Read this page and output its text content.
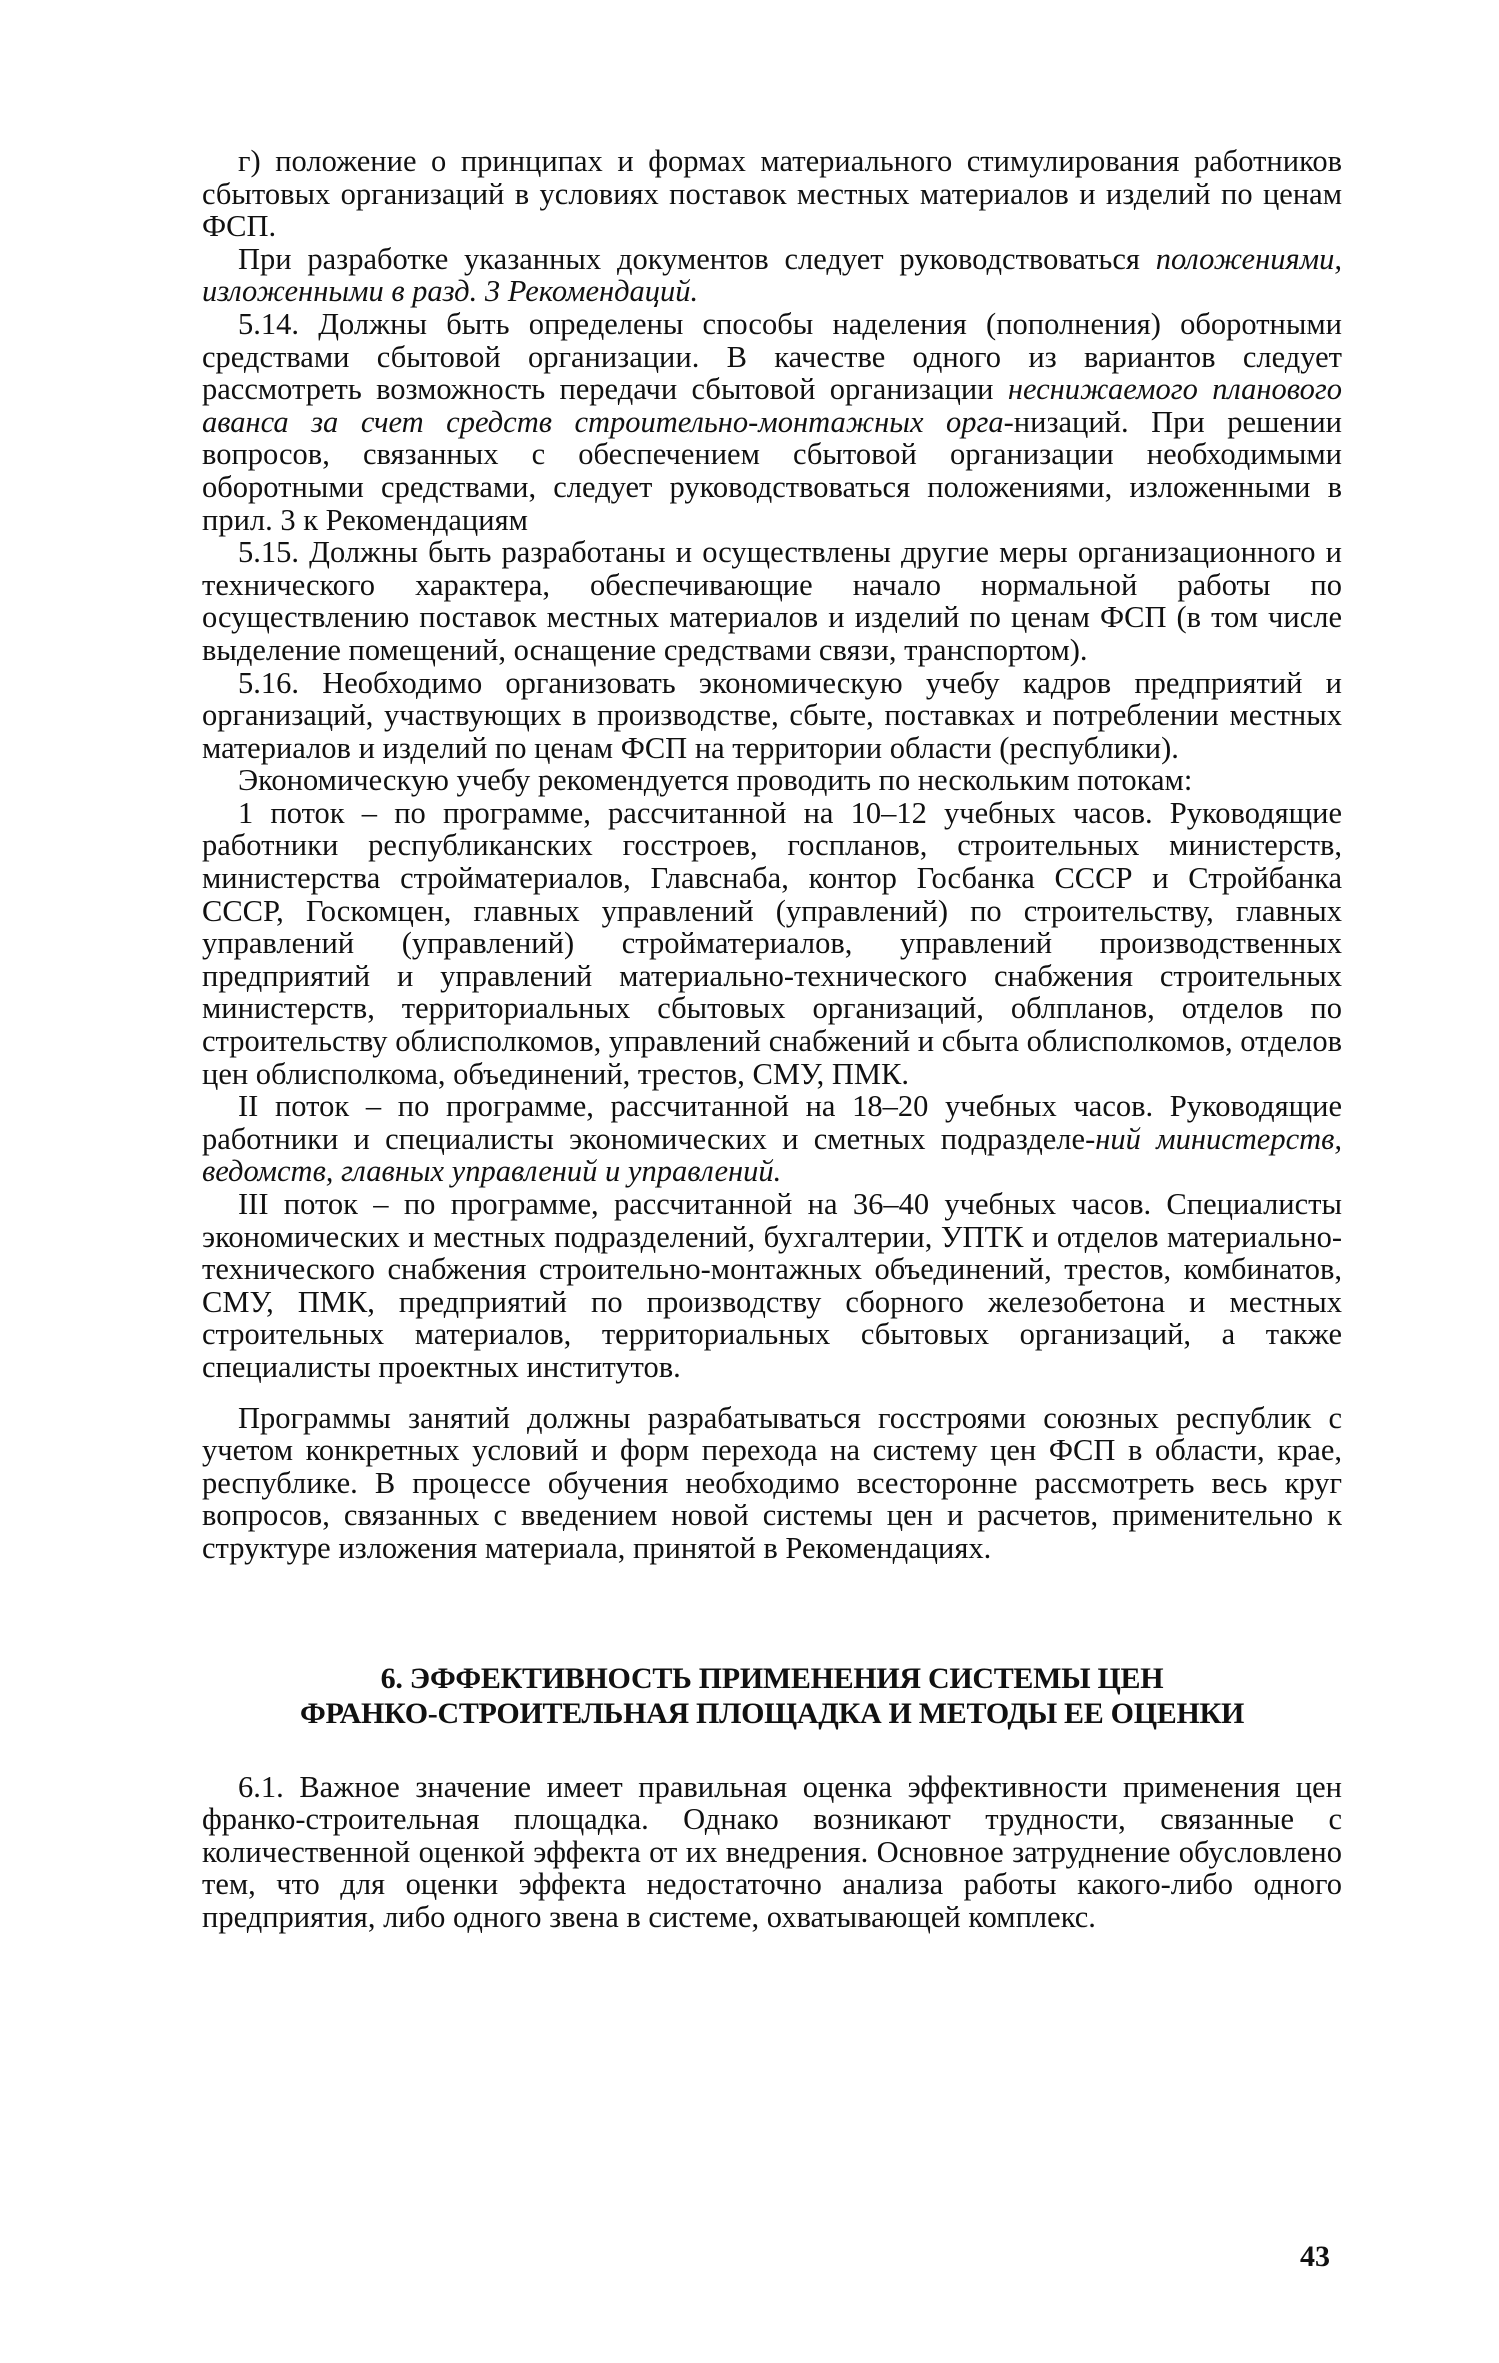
г) положение о принципах и формах материального стимулирования работников сбытовых организаций в условиях поставок местных материалов и изделий по ценам ФСП.

При разработке указанных документов следует руководствоваться положениями, изложенными в разд. 3 Рекомендаций.

5.14. Должны быть определены способы наделения (пополнения) оборотными средствами сбытовой организации. В качестве одного из вариантов следует рассмотреть возможность передачи сбытовой организации неснижаемого планового аванса за счет средств строительно-монтажных орга-низаций. При решении вопросов, связанных с обеспечением сбытовой организации необходимыми оборотными средствами, следует руководствоваться положениями, изложенными в прил. 3 к Рекомендациям

5.15. Должны быть разработаны и осуществлены другие меры организационного и технического характера, обеспечивающие начало нормальной работы по осуществлению поставок местных материалов и изделий по ценам ФСП (в том числе выделение помещений, оснащение средствами связи, транспортом).

5.16. Необходимо организовать экономическую учебу кадров предприятий и организаций, участвующих в производстве, сбыте, поставках и потреблении местных материалов и изделий по ценам ФСП на территории области (республики).

Экономическую учебу рекомендуется проводить по нескольким потокам:

1 поток – по программе, рассчитанной на 10–12 учебных часов. Руководящие работники республиканских госстроев, госпланов, строительных министерств, министерства стройматериалов, Главснаба, контор Госбанка СССР и Стройбанка СССР, Госкомцен, главных управлений (управлений) по строительству, главных управлений (управлений) стройматериалов, управлений производственных предприятий и управлений материально-технического снабжения строительных министерств, территориальных сбытовых организаций, облпланов, отделов по строительству облисполкомов, управлений снабжений и сбыта облисполкомов, отделов цен облисполкома, объединений, трестов, СМУ, ПМК.

II поток – по программе, рассчитанной на 18–20 учебных часов. Руководящие работники и специалисты экономических и сметных подразделе-ний министерств, ведомств, главных управлений и управлений.

III поток – по программе, рассчитанной на 36–40 учебных часов. Специалисты экономических и местных подразделений, бухгалтерии, УПТК и отделов материально-технического снабжения строительно-монтажных объединений, трестов, комбинатов, СМУ, ПМК, предприятий по производству сборного железобетона и местных строительных материалов, территориальных сбытовых организаций, а также специалисты проектных институтов.

Программы занятий должны разрабатываться госстроями союзных республик с учетом конкретных условий и форм перехода на систему цен ФСП в области, крае, республике. В процессе обучения необходимо всесторонне рассмотреть весь круг вопросов, связанных с введением новой системы цен и расчетов, применительно к структуре изложения материала, принятой в Рекомендациях.

6. ЭФФЕКТИВНОСТЬ ПРИМЕНЕНИЯ СИСТЕМЫ ЦЕН
ФРАНКО-СТРОИТЕЛЬНАЯ ПЛОЩАДКА И МЕТОДЫ ЕЕ ОЦЕНКИ

6.1. Важное значение имеет правильная оценка эффективности применения цен франко-строительная площадка. Однако возникают трудности, связанные с количественной оценкой эффекта от их внедрения. Основное затруднение обусловлено тем, что для оценки эффекта недостаточно анализа работы какого-либо одного предприятия, либо одного звена в системе, охватывающей комплекс.

43
